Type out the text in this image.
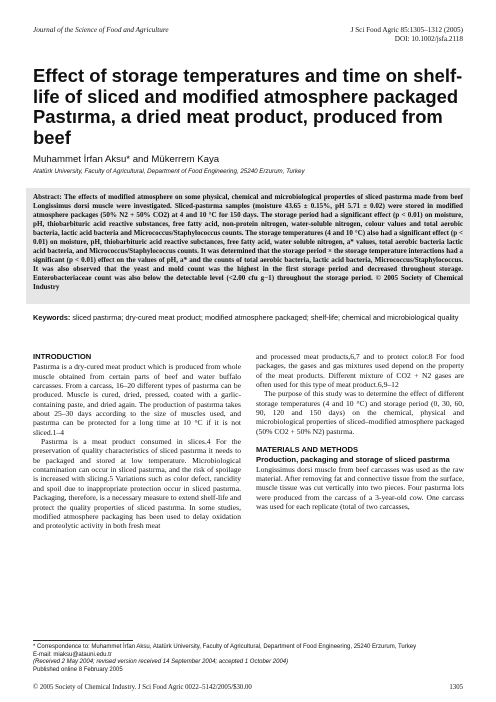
Journal of the Science of Food and Agriculture	J Sci Food Agric 85:1305–1312 (2005)
DOI: 10.1002/jsfa.2118
Effect of storage temperatures and time on shelf-life of sliced and modified atmosphere packaged Pastırma, a dried meat product, produced from beef
Muhammet İrfan Aksu* and Mükerrem Kaya
Atatürk University, Faculty of Agricultural, Department of Food Engineering, 25240 Erzurum, Turkey
Abstract: The effects of modified atmosphere on some physical, chemical and microbiological properties of sliced pastırma made from beef Longissimus dorsi muscle were investigated. Sliced-pastırma samples (moisture 43.65 ± 0.15%, pH 5.71 ± 0.02) were stored in modified atmosphere packages (50% N2 + 50% CO2) at 4 and 10 °C for 150 days. The storage period had a significant effect (p < 0.01) on moisture, pH, thiobarbituric acid reactive substances, free fatty acid, non-protein nitrogen, water-soluble nitrogen, colour values and total aerobic bacteria, lactic acid bacteria and Micrococcus/Staphylococcus counts. The storage temperatures (4 and 10 °C) also had a significant effect (p < 0.01) on moisture, pH, thiobarbituric acid reactive subctances, free fatty acid, water soluble nitrogen, a* values, total aerobic bacteria lactic acid bacteria, and Micrococcus/Staphylococcus counts. It was determined that the storage period × the storage temperature interactions had a significant (p < 0.01) effect on the values of pH, a* and the counts of total aerobic bacteria, lactic acid bacteria, Micrococcus/Staphylococcus. It was also observed that the yeast and mold count was the highest in the first storage period and decreased throughout storage. Enterobacteriaceae count was also below the detectable level (<2.00 cfu g−1) throughout the storage period. © 2005 Society of Chemical Industry
Keywords: sliced pastırma; dry-cured meat product; modified atmosphere packaged; shelf-life; chemical and microbiological quality
INTRODUCTION

Pastırma is a dry-cured meat product which is produced from whole muscle obtained from certain parts of beef and water buffalo carcasses. From a carcass, 16–20 different types of pastırma can be produced. Muscle is cured, dried, pressed, coated with a garlic-containing paste, and dried again. The production of pastırma takes about 25–30 days according to the size of muscles used, and pastırma can be protected for a long time at 10 °C if it is not sliced.1–4

Pastırma is a meat product consumed in slices.4 For the preservation of quality characteristics of sliced pastırma it needs to be packaged and stored at low temperature. Microbiological contamination can occur in sliced pastırma, and the risk of spoilage is increased with slicing.5 Variations such as color defect, rancidity and spoil due to inappropriate protection occur in sliced pastırma. Packaging, therefore, is a necessary measure to extend shelf-life and protect the quality properties of sliced pastırma. In some studies, modified atmosphere packaging has been used to delay oxidation and proteolytic activity in both fresh meat

and processed meat products,6,7 and to protect color.8 For food packages, the gases and gas mixtures used depend on the property of the meat products. Different mixture of CO2 + N2 gases are often used for this type of meat product.6,9–12

The purpose of this study was to determine the effect of different storage temperatures (4 and 10 °C) and storage period (0, 30, 60, 90, 120 and 150 days) on the chemical, physical and microbiological properties of sliced–modified atmosphere packaged (50% CO2 + 50% N2) pastırma.

MATERIALS AND METHODS
Production, packaging and storage of sliced pastırma

Longissimus dorsi muscle from beef carcasses was used as the raw material. After removing fat and connective tissue from the surface, muscle tissue was cut vertically into two pieces. Four pastırma lots were produced from the carcass of a 3-year-old cow. One carcass was used for each replicate (total of two carcasses,

* Correspondence to: Muhammet İrfan Aksu, Atatürk University, Faculty of Agricultural, Department of Food Engineering, 25240 Erzurum, Turkey
E-mail: miaksu@atauni.edu.tr
(Received 2 May 2004; revised version received 14 September 2004; accepted 1 October 2004)
Published online 8 February 2005
© 2005 Society of Chemical Industry. J Sci Food Agric 0022–5142/2005/$30.00	1305
